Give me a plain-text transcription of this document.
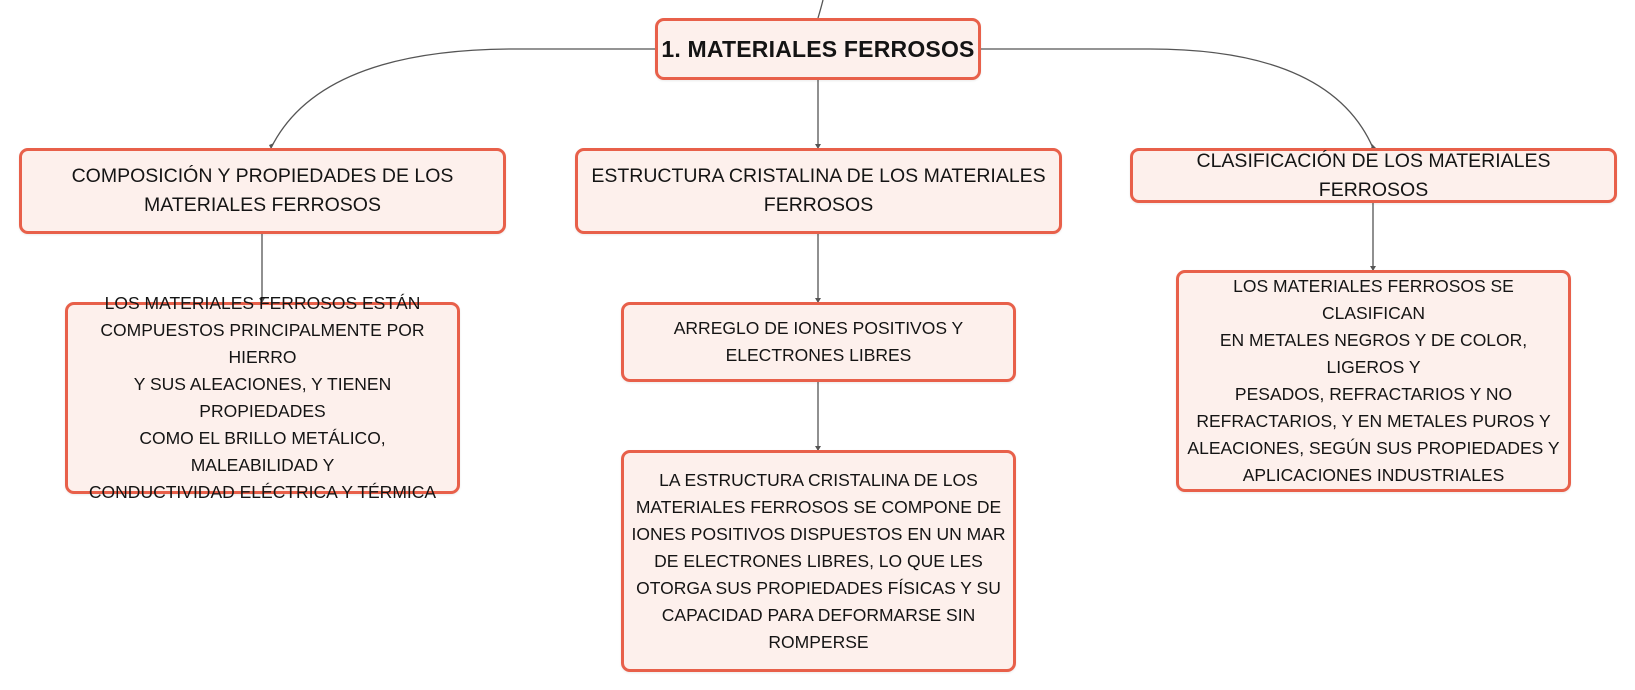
1. MATERIALES FERROSOS
COMPOSICIÓN Y PROPIEDADES DE LOS
MATERIALES FERROSOS
ESTRUCTURA CRISTALINA DE LOS MATERIALES
FERROSOS
CLASIFICACIÓN DE LOS MATERIALES FERROSOS
LOS MATERIALES FERROSOS ESTÁN
COMPUESTOS PRINCIPALMENTE POR HIERRO
Y SUS ALEACIONES, Y TIENEN PROPIEDADES
COMO EL BRILLO METÁLICO, MALEABILIDAD Y
CONDUCTIVIDAD ELÉCTRICA Y TÉRMICA
ARREGLO DE IONES POSITIVOS Y
ELECTRONES LIBRES
LA ESTRUCTURA CRISTALINA DE LOS
MATERIALES FERROSOS SE COMPONE DE
IONES POSITIVOS DISPUESTOS EN UN MAR
DE ELECTRONES LIBRES, LO QUE LES
OTORGA SUS PROPIEDADES FÍSICAS Y SU
CAPACIDAD PARA DEFORMARSE SIN
ROMPERSE
LOS MATERIALES FERROSOS SE CLASIFICAN
EN METALES NEGROS Y DE COLOR, LIGEROS Y
PESADOS, REFRACTARIOS Y NO
REFRACTARIOS, Y EN METALES PUROS Y
ALEACIONES, SEGÚN SUS PROPIEDADES Y
APLICACIONES INDUSTRIALES
